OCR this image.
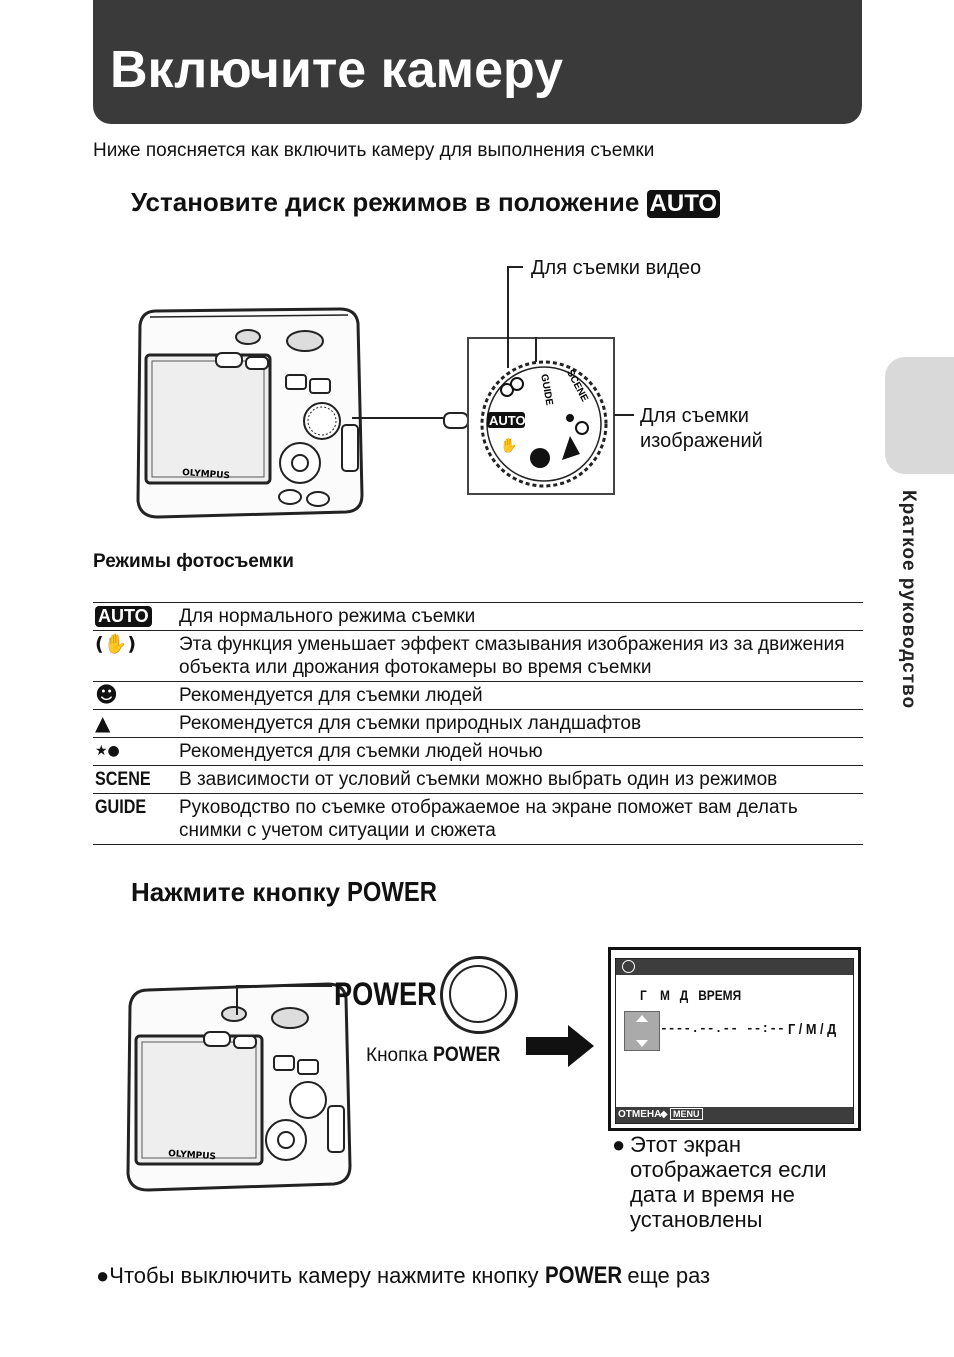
Включите камеру
Ниже поясняется как включить камеру для выполнения съемки
Краткое руководство
Установите диск режимов в положение AUTO
OLYMPUS
AUTO
GUIDE SCENE
✋
Для съемки видео
Для съемки
изображений
Режимы фотосъемки
AUTO	Для нормального режима съемки
(✋)	Эта функция уменьшает эффект смазывания изображения из за движения объекта или дрожания фотокамеры во время съемки
☻	Рекомендуется для съемки людей
▲	Рекомендуется для съемки природных ландшафтов
★●	Рекомендуется для съемки людей ночью
SCENE	В зависимости от условий съемки можно выбрать один из режимов
GUIDE	Руководство по съемке отображаемое на экране поможет вам делать снимки с учетом ситуации и сюжета
Нажмите кнопку POWER
OLYMPUS
POWER
Кнопка POWER
Г    М   Д   ВРЕМЯ
----.--.-- --:-- Г / М / Д
ОТМЕНА
◆ MENU
● Этот экран
отображается если
дата и время не
установлены
●Чтобы выключить камеру нажмите кнопку POWER еще раз
